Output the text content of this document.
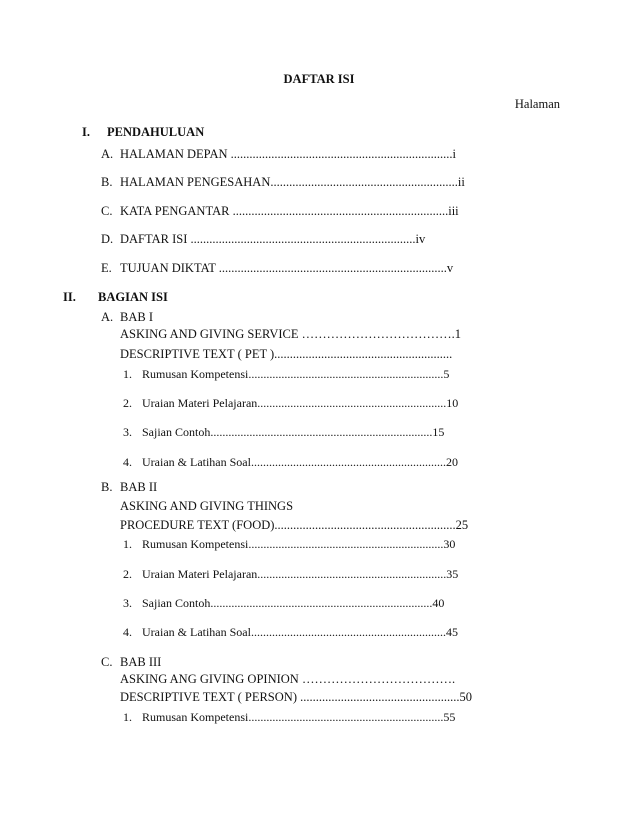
DAFTAR ISI
Halaman
I. PENDAHULUAN
A. HALAMAN DEPAN .......................................................................i
B. HALAMAN PENGESAHAN............................................................ii
C. KATA PENGANTAR .....................................................................iii
D. DAFTAR ISI ........................................................................iv
E. TUJUAN DIKTAT .........................................................................v
II. BAGIAN ISI
A. BAB I
ASKING AND GIVING SERVICE ……………………………….1
DESCRIPTIVE TEXT ( PET ).........................................................
1. Rumusan Kompetensi.................................................................5
2. Uraian Materi Pelajaran...............................................................10
3. Sajian Contoh..........................................................................15
4. Uraian & Latihan Soal.................................................................20
B. BAB II
ASKING AND GIVING THINGS
PROCEDURE TEXT (FOOD)..........................................................25
1. Rumusan Kompetensi.................................................................30
2. Uraian Materi Pelajaran...............................................................35
3. Sajian Contoh..........................................................................40
4. Uraian & Latihan Soal.................................................................45
C. BAB III
ASKING ANG GIVING OPINION ……………………………….
DESCRIPTIVE TEXT ( PERSON) ...................................................50
1. Rumusan Kompetensi.................................................................55
